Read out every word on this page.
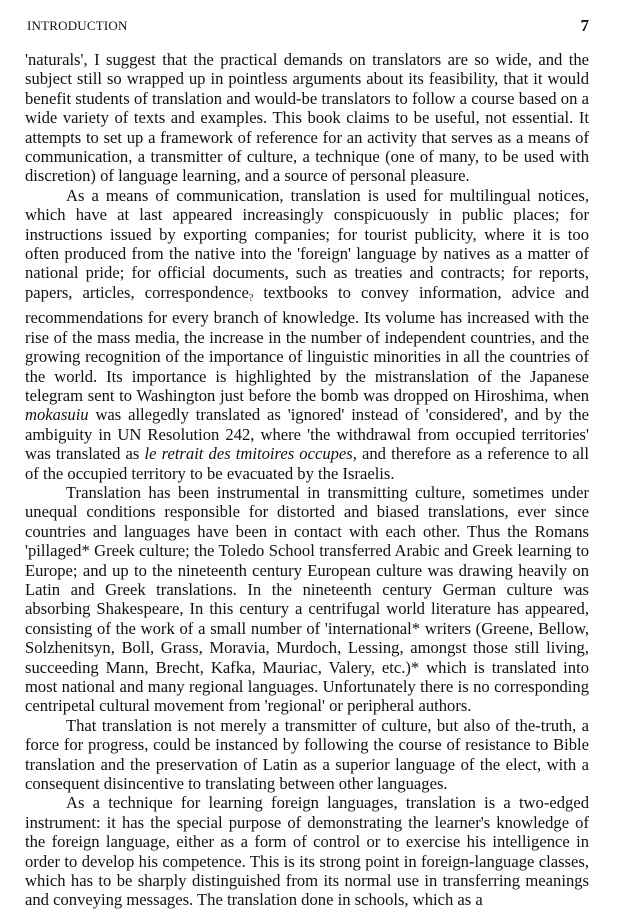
INTRODUCTION	7

'naturals', I suggest that the practical demands on translators are so wide, and the subject still so wrapped up in pointless arguments about its feasibility, that it would benefit students of translation and would-be translators to follow a course based on a wide variety of texts and examples. This book claims to be useful, not essential. It attempts to set up a framework of reference for an activity that serves as a means of communication, a transmitter of culture, a technique (one of many, to be used with discretion) of language learning, and a source of personal pleasure.

As a means of communication, translation is used for multilingual notices, which have at last appeared increasingly conspicuously in public places; for instructions issued by exporting companies; for tourist publicity, where it is too often produced from the native into the 'foreign' language by natives as a matter of national pride; for official documents, such as treaties and contracts; for reports, papers, articles, correspondence$_?$ textbooks to convey information, advice and recommendations for every branch of knowledge. Its volume has increased with the rise of the mass media, the increase in the number of independent countries, and the growing recognition of the importance of linguistic minorities in all the countries of the world. Its importance is highlighted by the mistranslation of the Japanese telegram sent to Washington just before the bomb was dropped on Hiroshima, when mokasuiu was allegedly translated as 'ignored' instead of 'considered', and by the ambiguity in UN Resolution 242, where 'the withdrawal from occupied territories' was translated as le retrait des tmitoires occupes, and therefore as a reference to all of the occupied territory to be evacuated by the Israelis.

Translation has been instrumental in transmitting culture, sometimes under unequal conditions responsible for distorted and biased translations, ever since countries and languages have been in contact with each other. Thus the Romans 'pillaged* Greek culture; the Toledo School transferred Arabic and Greek learning to Europe; and up to the nineteenth century European culture was drawing heavily on Latin and Greek translations. In the nineteenth century German culture was absorbing Shakespeare, In this century a centrifugal world literature has appeared, consisting of the work of a small number of 'international* writers (Greene, Bellow, Solzhenitsyn, Boll, Grass, Moravia, Murdoch, Lessing, amongst those still living, succeeding Mann, Brecht, Kafka, Mauriac, Valery, etc.)* which is translated into most national and many regional languages. Unfortunately there is no corresponding centripetal cultural movement from 'regional' or peripheral authors.

That translation is not merely a transmitter of culture, but also of the-truth, a force for progress, could be instanced by following the course of resistance to Bible translation and the preservation of Latin as a superior language of the elect, with a consequent disincentive to translating between other languages.

As a technique for learning foreign languages, translation is a two-edged instrument: it has the special purpose of demonstrating the learner's knowledge of the foreign language, either as a form of control or to exercise his intelligence in order to develop his competence. This is its strong point in foreign-language classes, which has to be sharply distinguished from its normal use in transferring meanings and conveying messages. The translation done in schools, which as a
